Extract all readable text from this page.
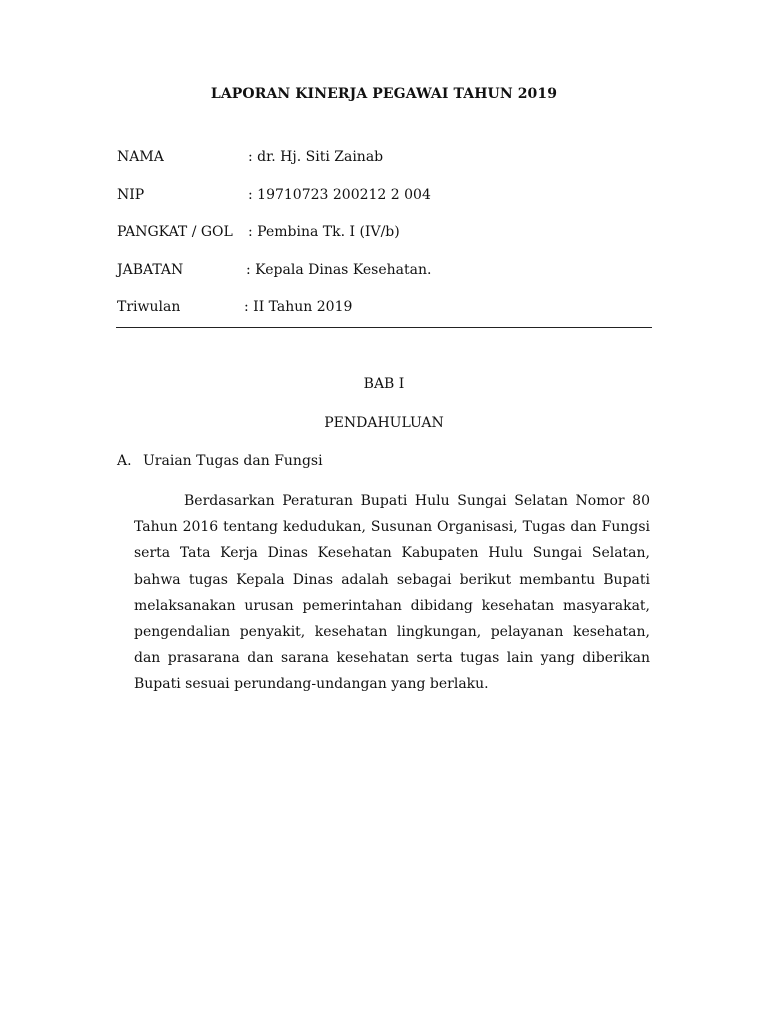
LAPORAN KINERJA PEGAWAI TAHUN 2019
NAMA	: dr. Hj. Siti Zainab
NIP	: 19710723 200212 2 004
PANGKAT / GOL : Pembina Tk. I (IV/b)
JABATAN	: Kepala Dinas Kesehatan.
Triwulan	: II Tahun 2019
BAB I
PENDAHULUAN
A. Uraian Tugas dan Fungsi
Berdasarkan Peraturan Bupati Hulu Sungai Selatan Nomor 80 Tahun 2016 tentang kedudukan, Susunan Organisasi, Tugas dan Fungsi serta Tata Kerja Dinas Kesehatan Kabupaten Hulu Sungai Selatan, bahwa tugas Kepala Dinas adalah sebagai berikut membantu Bupati melaksanakan urusan pemerintahan dibidang kesehatan masyarakat, pengendalian penyakit, kesehatan lingkungan, pelayanan kesehatan, dan prasarana dan sarana kesehatan serta tugas lain yang diberikan Bupati sesuai perundang-undangan yang berlaku.
